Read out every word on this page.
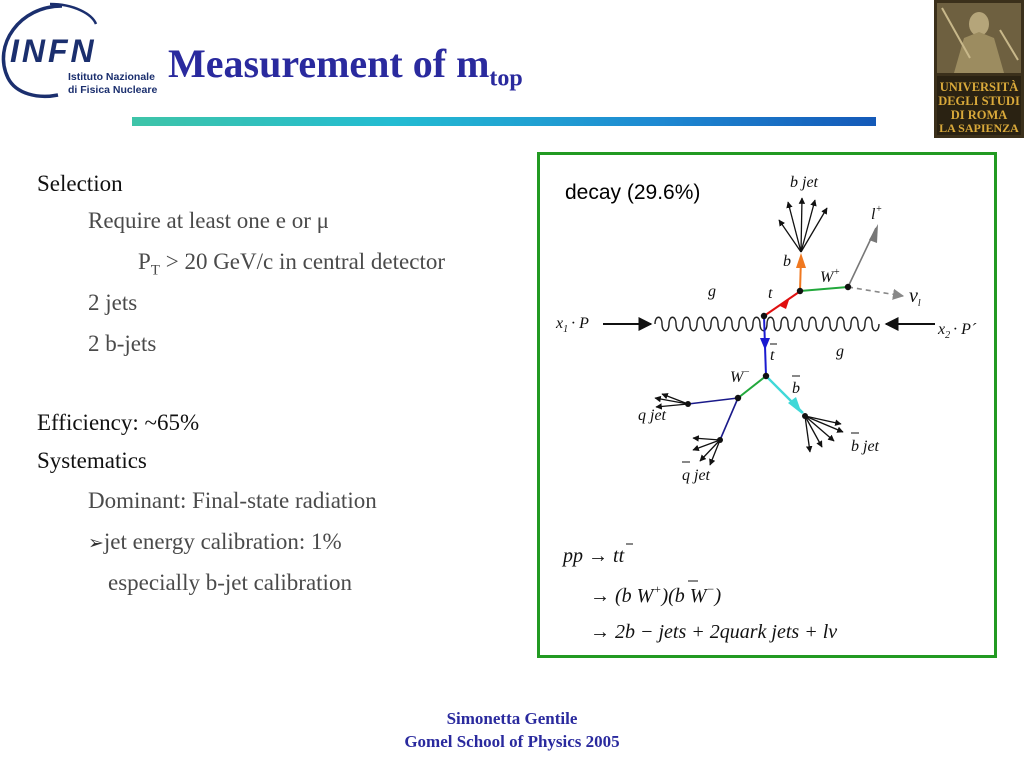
INFN
Istituto Nazionale
di Fisica Nucleare	UNIVERSITÀ
DEGLI STUDI
DI ROMA
LA SAPIENZA
Measurement of $m_{top}$
Selection
Require at least one e or μ
$P_T > 20$ GeV/c in central detector
2 jets
2 b-jets
Efficiency: ~65%
Systematics
Dominant: Final-state radiation
➢jet energy calibration: 1%
especially b-jet calibration
decay (29.6%)	b jet
l+
b
W+
g	t	$\nu_l$
$x_1 \cdot P$	$x_2$ · P´
t	g
W−
b
q jet
b jet
q jet
pp → tt
→ (b W+)(b W−)
→ 2b − jets + 2quark jets + lν
Simonetta Gentile
Gomel School of Physics 2005
